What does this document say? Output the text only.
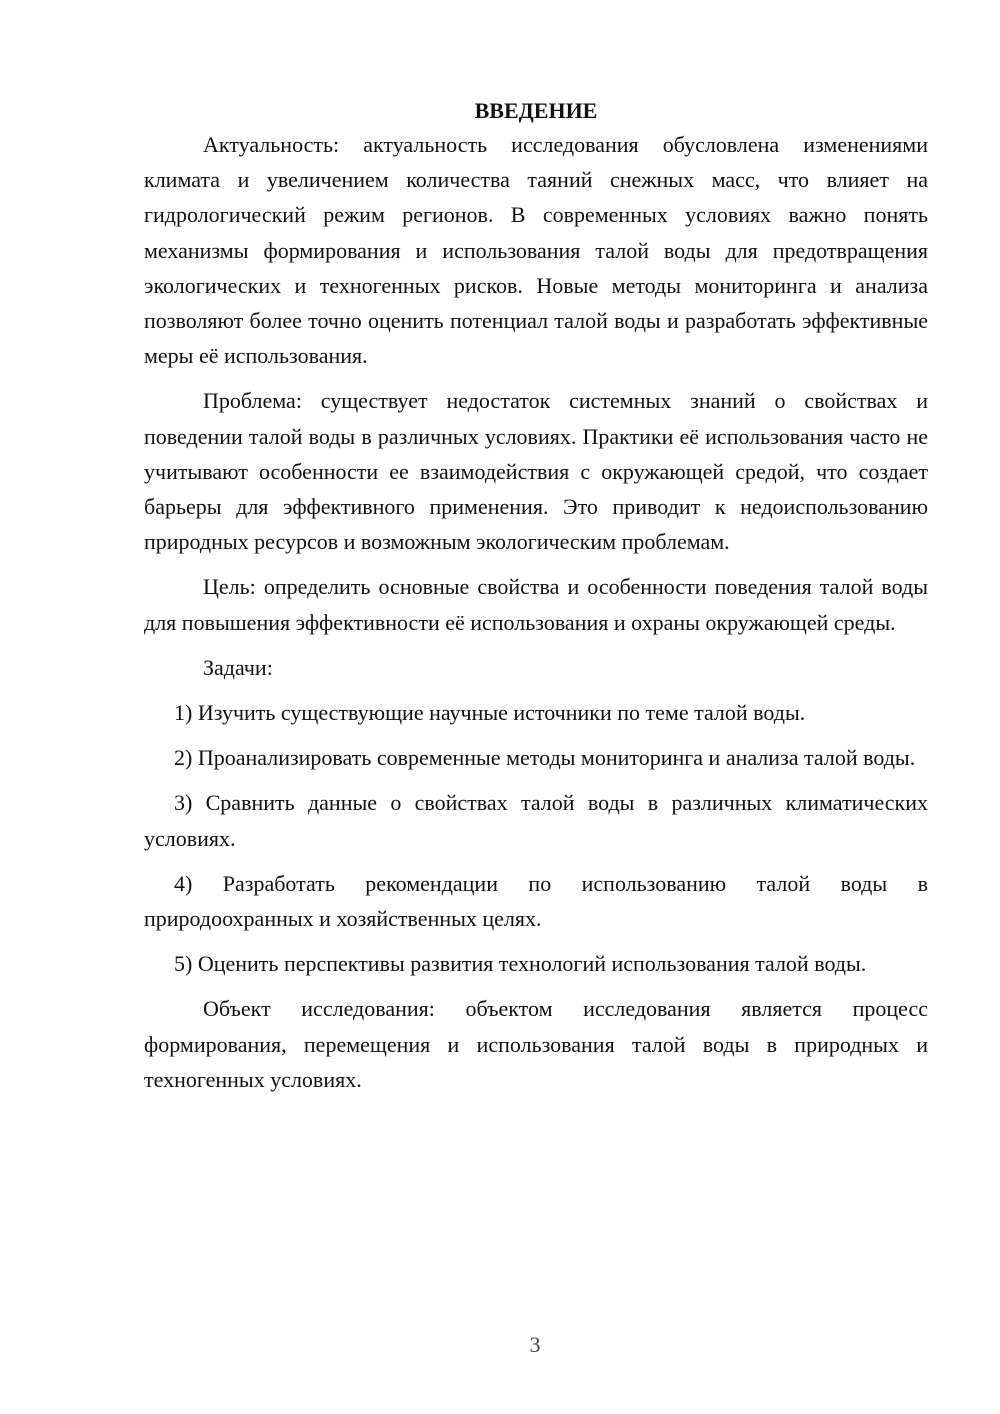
ВВЕДЕНИЕ

Актуальность: актуальность исследования обусловлена изменениями климата и увеличением количества таяний снежных масс, что влияет на гидрологический режим регионов. В современных условиях важно понять механизмы формирования и использования талой воды для предотвращения экологических и техногенных рисков. Новые методы мониторинга и анализа позволяют более точно оценить потенциал талой воды и разработать эффективные меры её использования.

Проблема: существует недостаток системных знаний о свойствах и поведении талой воды в различных условиях. Практики её использования часто не учитывают особенности ее взаимодействия с окружающей средой, что создает барьеры для эффективного применения. Это приводит к недоиспользованию природных ресурсов и возможным экологическим проблемам.

Цель: определить основные свойства и особенности поведения талой воды для повышения эффективности её использования и охраны окружающей среды.

Задачи:

1) Изучить существующие научные источники по теме талой воды.

2) Проанализировать современные методы мониторинга и анализа талой воды.

3) Сравнить данные о свойствах талой воды в различных климатических условиях.

4) Разработать рекомендации по использованию талой воды в природоохранных и хозяйственных целях.

5) Оценить перспективы развития технологий использования талой воды.

Объект исследования: объектом исследования является процесс формирования, перемещения и использования талой воды в природных и техногенных условиях.

3
